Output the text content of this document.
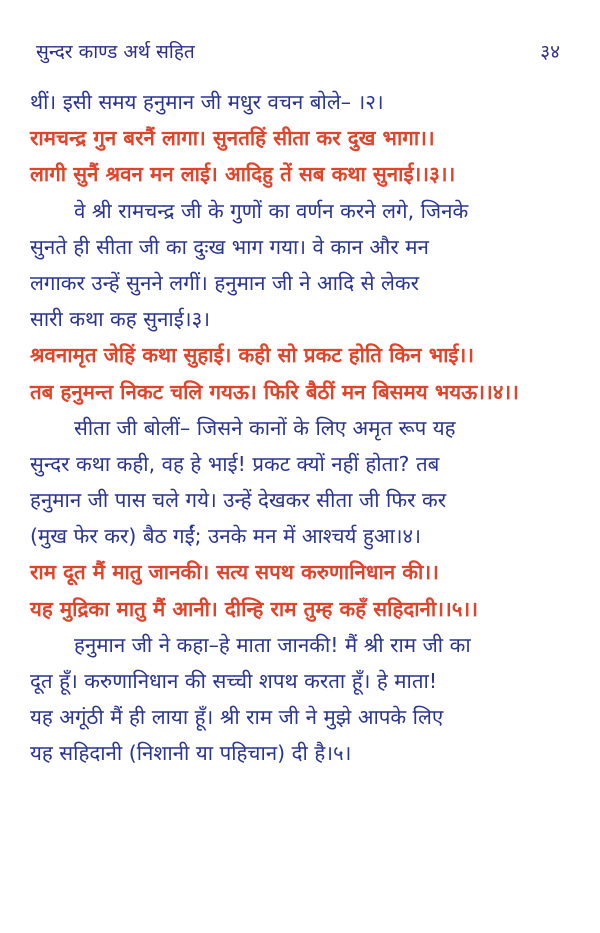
सुन्दर काण्ड अर्थ सहित	३४
थीं। इसी समय हनुमान जी मधुर वचन बोले– ।२।
रामचन्द्र गुन बरनैं लागा। सुनतहिं सीता कर दुख भागा।।
लागी सुनैं श्रवन मन लाई। आदिहु तें सब कथा सुनाई।।३।।
वे श्री रामचन्द्र जी के गुणों का वर्णन करने लगे, जिनके
सुनते ही सीता जी का दुःख भाग गया। वे कान और मन
लगाकर उन्हें सुनने लगीं। हनुमान जी ने आदि से लेकर
सारी कथा कह सुनाई।३।
श्रवनामृत जेहिं कथा सुहाई। कही सो प्रकट होति किन भाई।।
तब हनुमन्त निकट चलि गयऊ। फिरि बैठीं मन बिसमय भयऊ।।४।।
सीता जी बोलीं– जिसने कानों के लिए अमृत रूप यह
सुन्दर कथा कही, वह हे भाई! प्रकट क्यों नहीं होता? तब
हनुमान जी पास चले गये। उन्हें देखकर सीता जी फिर कर
(मुख फेर कर) बैठ गईं; उनके मन में आश्चर्य हुआ।४।
राम दूत मैं मातु जानकी। सत्य सपथ करुणानिधान की।।
यह मुद्रिका मातु मैं आनी। दीन्हि राम तुम्ह कहँ सहिदानी।।५।।
हनुमान जी ने कहा–हे माता जानकी! मैं श्री राम जी का
दूत हूँ। करुणानिधान की सच्ची शपथ करता हूँ। हे माता!
यह अगूंठी मैं ही लाया हूँ। श्री राम जी ने मुझे आपके लिए
यह सहिदानी (निशानी या पहिचान) दी है।५।
